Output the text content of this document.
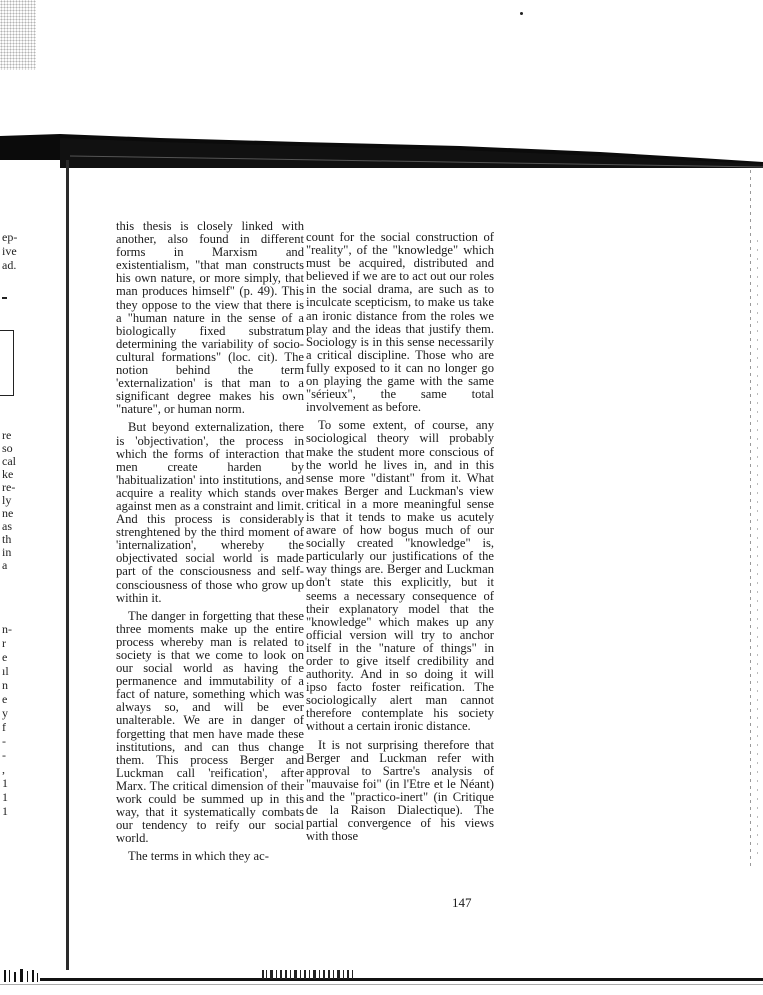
ep-
ive
ad.
re
so
cal
ke
re-
ly
ne
as
th
in
a
n-
r
e
ıl
n
e
y
f
-
-
,
1
1
1

this thesis is closely linked with another, also found in different forms in Marxism and existentialism, "that man constructs his own nature, or more simply, that man produces himself" (p. 49). This they oppose to the view that there is a "human nature in the sense of a biologically fixed substratum determining the variability of socio-cultural formations" (loc. cit). The notion behind the term 'externalization' is that man to a significant degree makes his own "nature", or human norm.

But beyond externalization, there is 'objectivation', the process in which the forms of interaction that men create harden by 'habitualization' into institutions, and acquire a reality which stands over against men as a constraint and limit. And this process is considerably strenghtened by the third moment of 'internalization', whereby the objectivated social world is made part of the consciousness and self-consciousness of those who grow up within it.

The danger in forgetting that these three moments make up the entire process whereby man is related to society is that we come to look on our social world as having the permanence and immutability of a fact of nature, something which was always so, and will be ever unalterable. We are in danger of forgetting that men have made these institutions, and can thus change them. This process Berger and Luckman call 'reification', after Marx. The critical dimension of their work could be summed up in this way, that it systematically combats our tendency to reify our social world.

The terms in which they ac-

count for the social construction of "reality", of the "knowledge" which must be acquired, distributed and believed if we are to act out our roles in the social drama, are such as to inculcate scepticism, to make us take an ironic distance from the roles we play and the ideas that justify them. Sociology is in this sense necessarily a critical discipline. Those who are fully exposed to it can no longer go on playing the game with the same "sérieux", the same total involvement as before.

To some extent, of course, any sociological theory will probably make the student more conscious of the world he lives in, and in this sense more "distant" from it. What makes Berger and Luckman's view critical in a more meaningful sense is that it tends to make us acutely aware of how bogus much of our socially created "knowledge" is, particularly our justifications of the way things are. Berger and Luckman don't state this explicitly, but it seems a necessary consequence of their explanatory model that the "knowledge" which makes up any official version will try to anchor itself in the "nature of things" in order to give itself credibility and authority. And in so doing it will ipso facto foster reification. The sociologically alert man cannot therefore contemplate his society without a certain ironic distance.

It is not surprising therefore that Berger and Luckman refer with approval to Sartre's analysis of "mauvaise foi" (in l'Etre et le Néant) and the "practico-inert" (in Critique de la Raison Dialectique). The partial convergence of his views with those

147
